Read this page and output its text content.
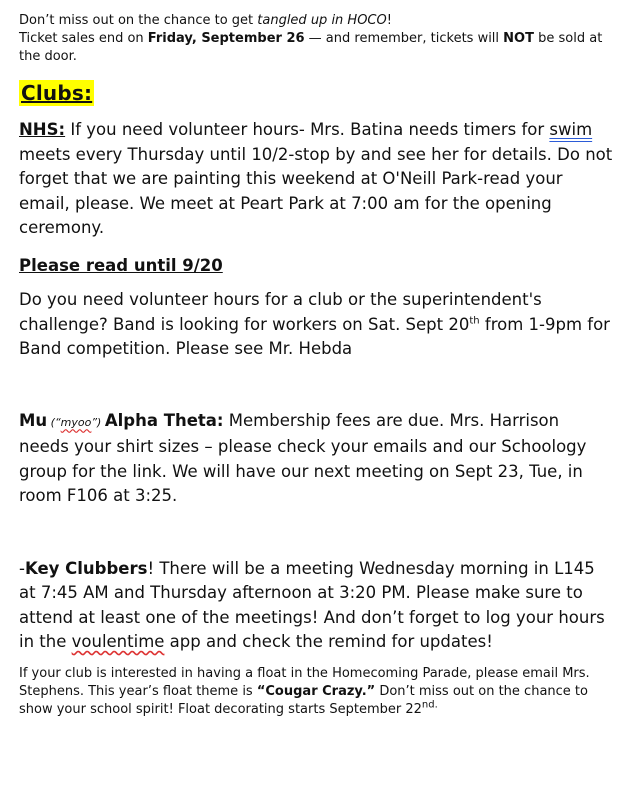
Don’t miss out on the chance to get tangled up in HOCO!
Ticket sales end on Friday, September 26 — and remember, tickets will NOT be sold at the door.

Clubs:

NHS: If you need volunteer hours- Mrs. Batina needs timers for swim meets every Thursday until 10/2-stop by and see her for details. Do not forget that we are painting this weekend at O'Neill Park-read your email, please. We meet at Peart Park at 7:00 am for the opening ceremony.

Please read until 9/20

Do you need volunteer hours for a club or the superintendent's challenge? Band is looking for workers on Sat. Sept 20th from 1-9pm for Band competition. Please see Mr. Hebda

Mu (“myoo”) Alpha Theta: Membership fees are due. Mrs. Harrison needs your shirt sizes – please check your emails and our Schoology group for the link. We will have our next meeting on Sept 23, Tue, in room F106 at 3:25.

-Key Clubbers! There will be a meeting Wednesday morning in L145 at 7:45 AM and Thursday afternoon at 3:20 PM. Please make sure to attend at least one of the meetings! And don’t forget to log your hours in the voulentime app and check the remind for updates!

If your club is interested in having a float in the Homecoming Parade, please email Mrs. Stephens. This year’s float theme is “Cougar Crazy.” Don’t miss out on the chance to show your school spirit! Float decorating starts September $22^{nd.}$
